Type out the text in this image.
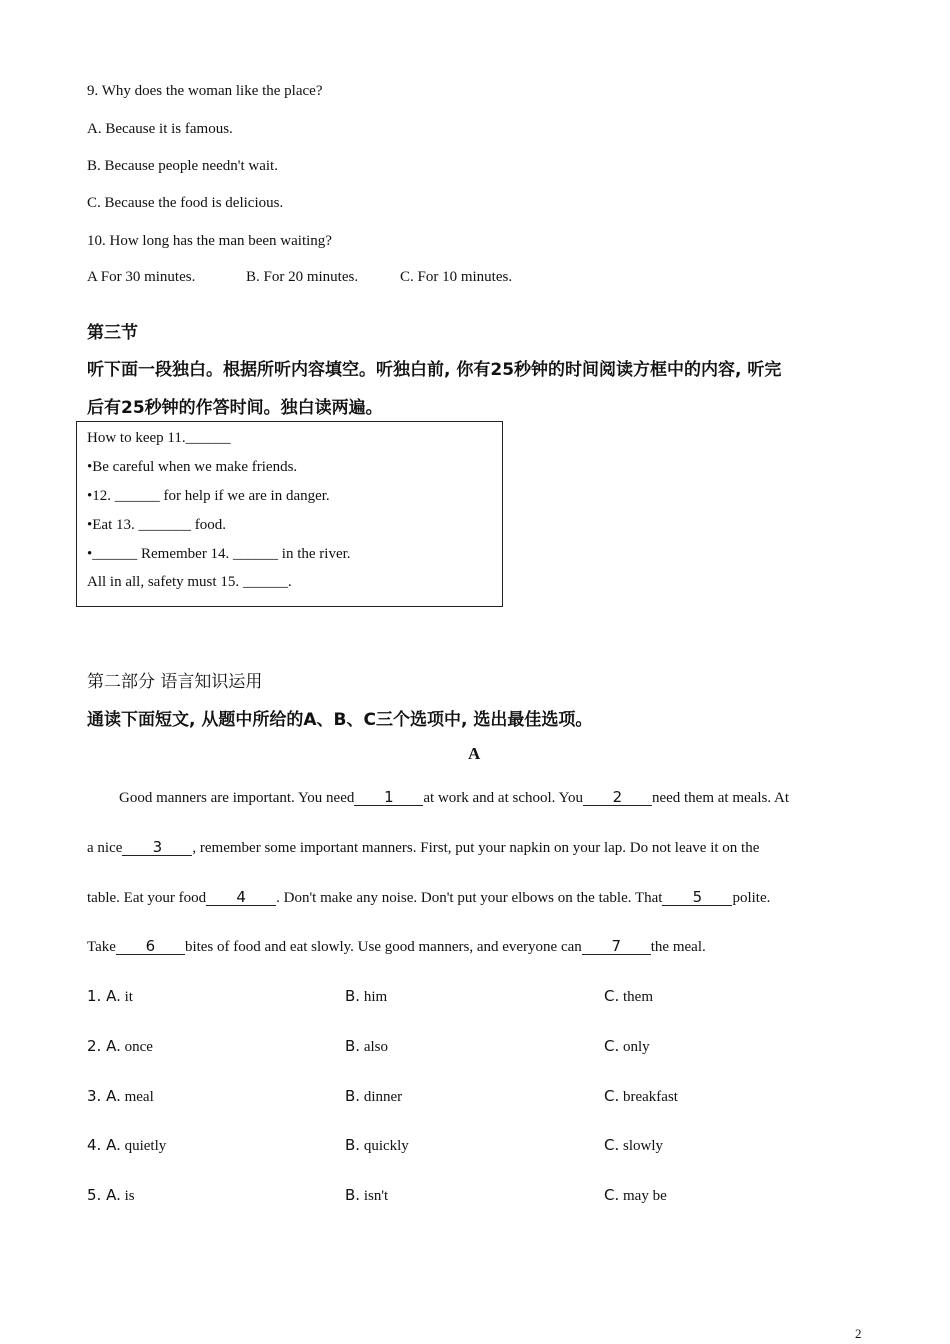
9. Why does the woman like the place?
A. Because it is famous.
B. Because people needn't wait.
C. Because the food is delicious.
10. How long has the man been waiting?
A For 30 minutes.	B. For 20 minutes.	C. For 10 minutes.
第三节
听下面一段独白。根据所听内容填空。听独白前, 你有25秒钟的时间阅读方框中的内容, 听完
后有25秒钟的作答时间。独白读两遍。
How to keep 11.______
•Be careful when we make friends.
•12. ______ for help if we are in danger.
•Eat 13. _______ food.
•______ Remember 14. ______ in the river.
All in all, safety must 15. ______.
第二部分 语言知识运用
通读下面短文, 从题中所给的A、B、C三个选项中, 选出最佳选项。
A
Good manners are important. You need 1 at work and at school. You 2 need them at meals. At
a nice 3 , remember some important manners. First, put your napkin on your lap. Do not leave it on the
table. Eat your food 4 . Don't make any noise. Don't put your elbows on the table. That 5 polite.
Take 6 bites of food and eat slowly. Use good manners, and everyone can 7 the meal.
1. A. it	B. him	C. them
2. A. once	B. also	C. only
3. A. meal	B. dinner	C. breakfast
4. A. quietly	B. quickly	C. slowly
5. A. is	B. isn't	C. may be
2
